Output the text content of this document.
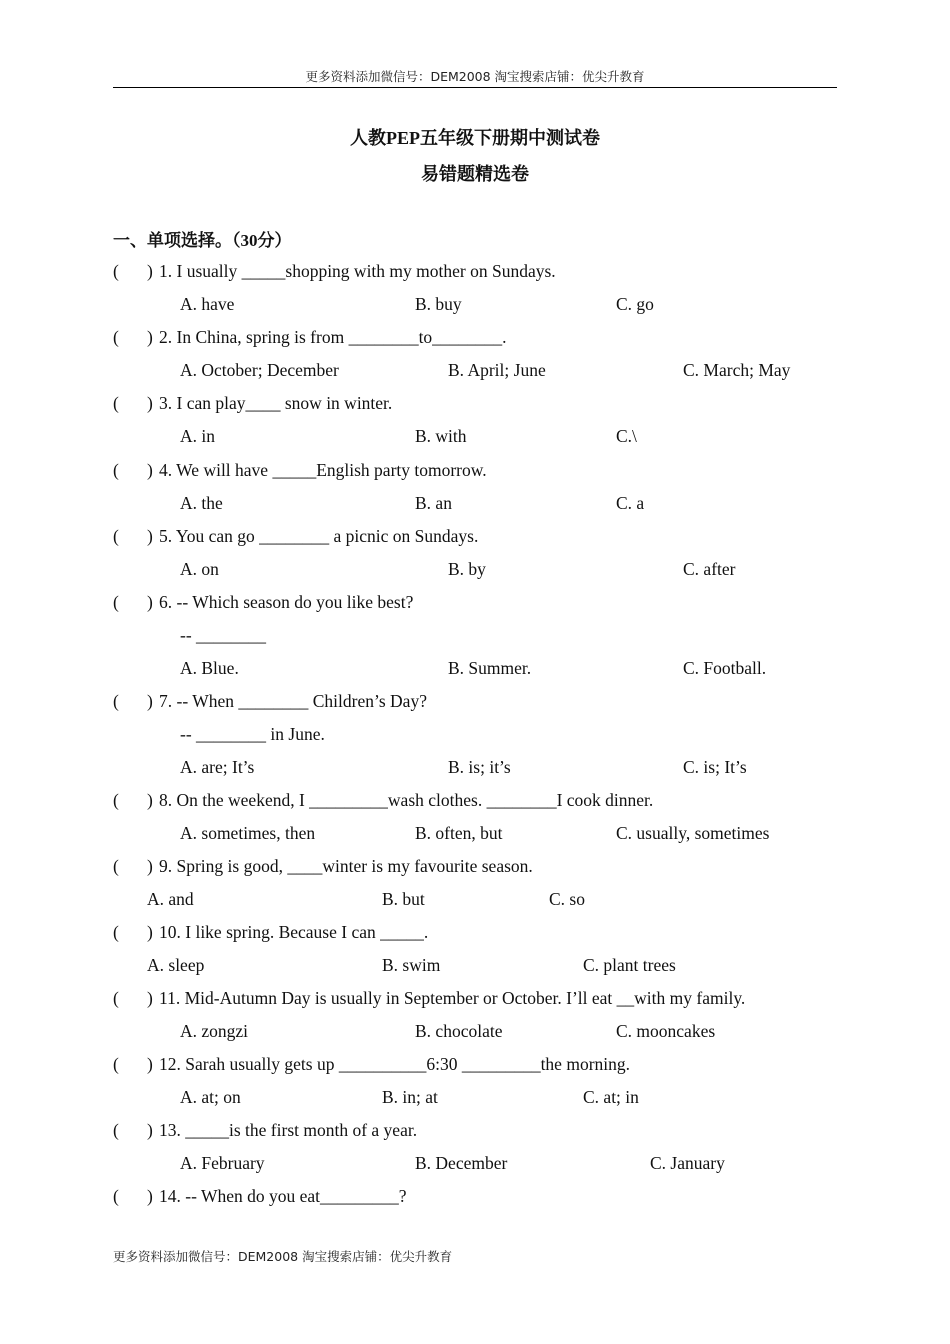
更多资料添加微信号：DEM2008 淘宝搜索店铺：优尖升教育
人教PEP五年级下册期中测试卷
易错题精选卷
一、单项选择。（30分）
( ) 1. I usually _____shopping with my mother on Sundays.
A. have	B. buy	C. go
( ) 2. In China, spring is from ________to________.
A. October; December	B. April; June	C. March; May
( ) 3. I can play____ snow in winter.
A. in	B. with	C.\
( ) 4. We will have _____English party tomorrow.
A. the	B. an	C. a
( ) 5. You can go ________ a picnic on Sundays.
A. on	B. by	C. after
( ) 6. -- Which season do you like best?
-- ________
A. Blue.	B. Summer.	C. Football.
( ) 7. -- When ________ Children’s Day?
-- ________ in June.
A. are; It’s	B. is; it’s	C. is; It’s
( ) 8. On the weekend, I _________wash clothes. ________I cook dinner.
A. sometimes, then	B. often, but	C. usually, sometimes
( ) 9. Spring is good, ____winter is my favourite season.
A. and	B. but	C. so
( ) 10. I like spring. Because I can _____.
A. sleep	B. swim	C. plant trees
( ) 11. Mid-Autumn Day is usually in September or October. I’ll eat __with my family.
A. zongzi	B. chocolate	C. mooncakes
( ) 12. Sarah usually gets up __________6:30 _________the morning.
A. at; on	B. in; at	C. at; in
( ) 13. _____is the first month of a year.
A. February	B. December	C. January
( ) 14. -- When do you eat_________?
更多资料添加微信号：DEM2008 淘宝搜索店铺：优尖升教育
